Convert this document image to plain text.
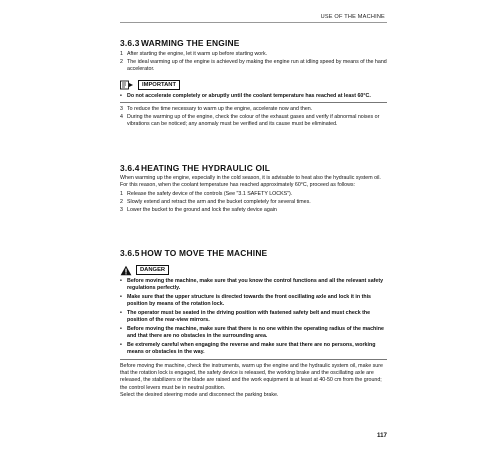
USE OF THE MACHINE
3.6.3WARMING THE ENGINE
1 After starting the engine, let it warm up before starting work.
2 The ideal warming up of the engine is achieved by making the engine run at idling speed by means of the hand accelerator.
IMPORTANT
• Do not accelerate completely or abruptly until the coolant temperature has reached at least 60°C.
3 To reduce the time necessary to warm up the engine, accelerate now and then.
4 During the warming up of the engine, check the colour of the exhaust gases and verify if abnormal noises or vibrations can be noticed; any anomaly must be verified and its cause must be eliminated.
3.6.4HEATING THE HYDRAULIC OIL

When warming up the engine, especially in the cold season, it is advisable to heat also the hydraulic system oil. For this reason, when the coolant temperature has reached approximately 60°C, proceed as follows:

1 Release the safety device of the controls (See "3.1 SAFETY LOCKS").
2 Slowly extend and retract the arm and the bucket completely for several times.
3 Lower the bucket to the ground and lock the safety device again
3.6.5HOW TO MOVE THE MACHINE
DANGER
• Before moving the machine, make sure that you know the control functions and all the relevant safety regulations perfectly.
• Make sure that the upper structure is directed towards the front oscillating axle and lock it in this position by means of the rotation lock.
• The operator must be seated in the driving position with fastened safety belt and must check the position of the rear-view mirrors.
• Before moving the machine, make sure that there is no one within the operating radius of the machine and that there are no obstacles in the surrounding area.
• Be extremely careful when engaging the reverse and make sure that there are no persons, working means or obstacles in the way.

Before moving the machine, check the instruments, warm up the engine and the hydraulic system oil, make sure that the rotation lock is engaged, the safety device is released, the working brake and the oscillating axle are released, the stabilizers or the blade are raised and the work equipment is at least at 40-50 cm from the ground; the control levers must be in neutral position.

Select the desired steering mode and disconnect the parking brake.

117
